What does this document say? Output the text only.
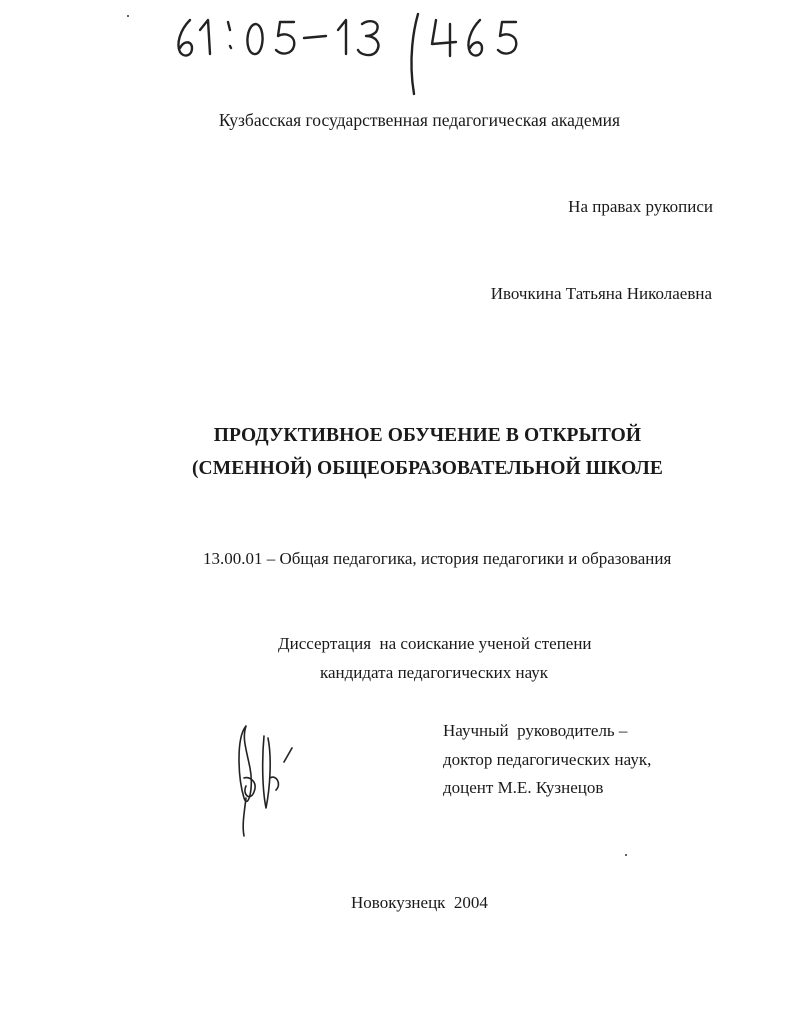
Кузбасская государственная педагогическая академия
На правах рукописи
Ивочкина Татьяна Николаевна
ПРОДУКТИВНОЕ ОБУЧЕНИЕ В ОТКРЫТОЙ
(СМЕННОЙ) ОБЩЕОБРАЗОВАТЕЛЬНОЙ ШКОЛЕ
13.00.01 – Общая педагогика, история педагогики и образования
Диссертация  на соискание ученой степени
кандидата педагогических наук
Научный  руководитель –
доктор педагогических наук,
доцент М.Е. Кузнецов
Новокузнецк  2004
